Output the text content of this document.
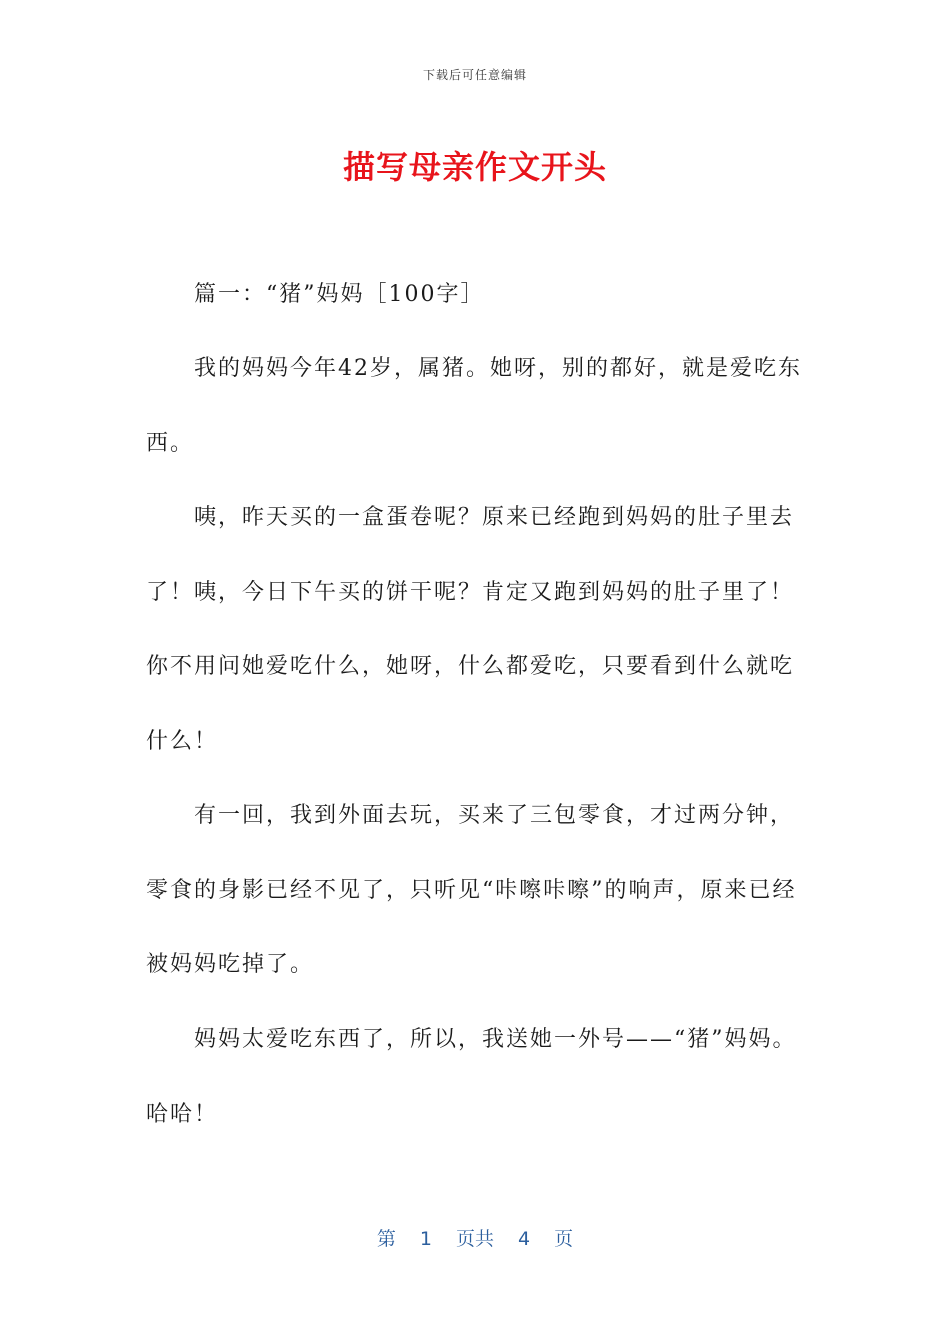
下载后可任意编辑
描写母亲作文开头

篇一：“猪”妈妈［100字］

我的妈妈今年42岁，属猪。她呀，别的都好，就是爱吃东西。

咦，昨天买的一盒蛋卷呢？原来已经跑到妈妈的肚子里去了！咦，今日下午买的饼干呢？肯定又跑到妈妈的肚子里了！你不用问她爱吃什么，她呀，什么都爱吃，只要看到什么就吃什么！

有一回，我到外面去玩，买来了三包零食，才过两分钟，零食的身影已经不见了，只听见“咔嚓咔嚓”的响声，原来已经被妈妈吃掉了。

妈妈太爱吃东西了，所以，我送她一外号——“猪”妈妈。哈哈！

第 1 页共 4 页
